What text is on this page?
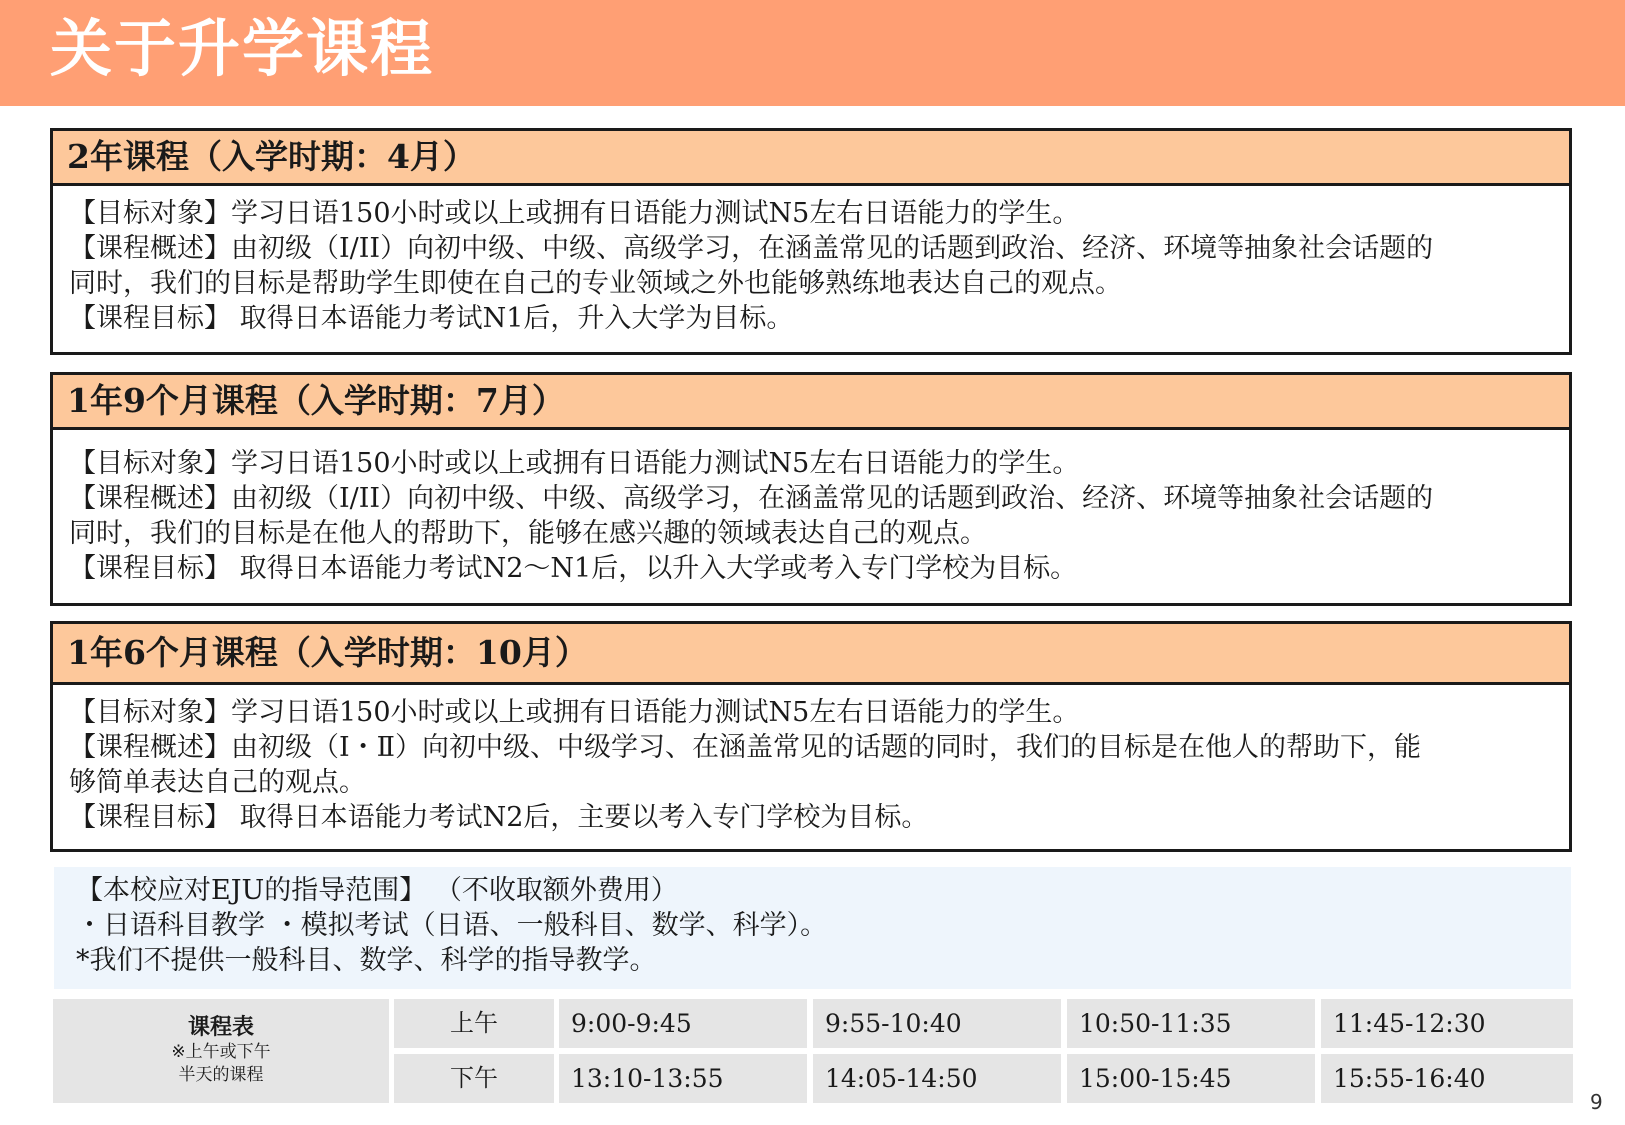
关于升学课程
2年课程（入学时期：4月）

【目标对象】学习日语150小时或以上或拥有日语能力测试N5左右日语能力的学生。

【课程概述】由初级（I/II）向初中级、中级、高级学习，在涵盖常见的话题到政治、经济、环境等抽象社会话题的

同时，我们的目标是帮助学生即使在自己的专业领域之外也能够熟练地表达自己的观点。

【课程目标】 取得日本语能力考试N1后，升入大学为目标。

1年9个月课程（入学时期：7月）

【目标对象】学习日语150小时或以上或拥有日语能力测试N5左右日语能力的学生。

【课程概述】由初级（I/II）向初中级、中级、高级学习，在涵盖常见的话题到政治、经济、环境等抽象社会话题的

同时，我们的目标是在他人的帮助下，能够在感兴趣的领域表达自己的观点。

【课程目标】 取得日本语能力考试N2～N1后，以升入大学或考入专门学校为目标。

1年6个月课程（入学时期：10月）

【目标对象】学习日语150小时或以上或拥有日语能力测试N5左右日语能力的学生。

【课程概述】由初级（Ⅰ・Ⅱ）向初中级、中级学习、在涵盖常见的话题的同时，我们的目标是在他人的帮助下，能

够简单表达自己的观点。

【课程目标】 取得日本语能力考试N2后，主要以考入专门学校为目标。

【本校应对EJU的指导范围】 （不收取额外费用）

・日语科目教学 ・模拟考试（日语、一般科目、数学、科学）。

*我们不提供一般科目、数学、科学的指导教学。

课程表
※上午或下午
半天的课程
上午	9:00-9:45	9:55-10:40	10:50-11:35	11:45-12:30
下午	13:10-13:55	14:05-14:50	15:00-15:45	15:55-16:40
9
